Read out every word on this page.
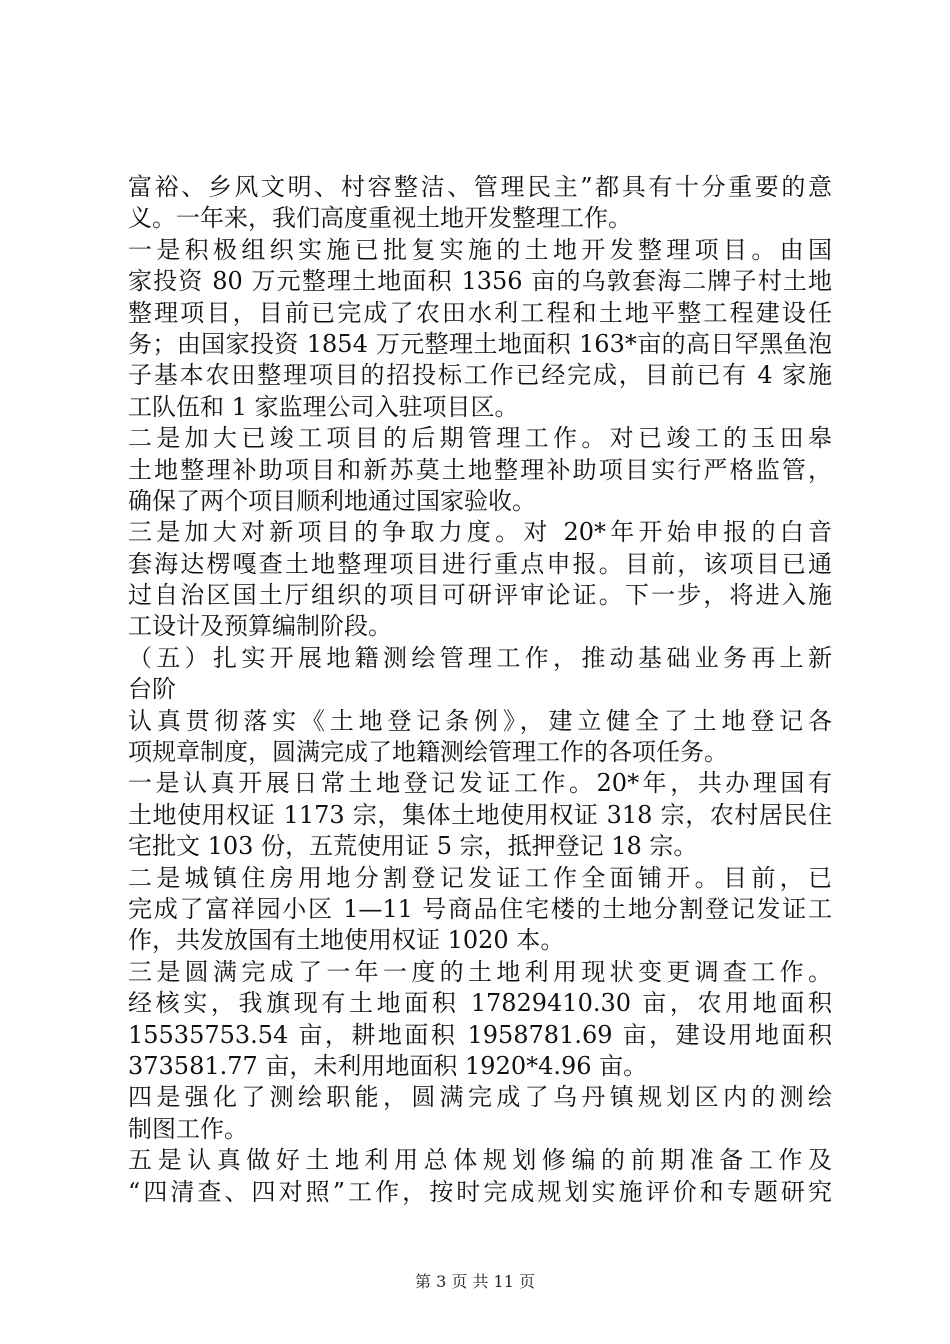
富裕、乡风文明、村容整洁、管理民主”都具有十分重要的意
义。一年来，我们高度重视土地开发整理工作。
一是积极组织实施已批复实施的土地开发整理项目。由国
家投资 80 万元整理土地面积 1356 亩的乌敦套海二牌子村土地
整理项目，目前已完成了农田水利工程和土地平整工程建设任
务；由国家投资 1854 万元整理土地面积 163*亩的高日罕黑鱼泡
子基本农田整理项目的招投标工作已经完成，目前已有 4 家施
工队伍和 1 家监理公司入驻项目区。
二是加大已竣工项目的后期管理工作。对已竣工的玉田皋
土地整理补助项目和新苏莫土地整理补助项目实行严格监管，
确保了两个项目顺利地通过国家验收。
三是加大对新项目的争取力度。对 20*年开始申报的白音
套海达楞嘎查土地整理项目进行重点申报。目前，该项目已通
过自治区国土厅组织的项目可研评审论证。下一步，将进入施
工设计及预算编制阶段。
（五）扎实开展地籍测绘管理工作，推动基础业务再上新
台阶
认真贯彻落实《土地登记条例》，建立健全了土地登记各
项规章制度，圆满完成了地籍测绘管理工作的各项任务。
一是认真开展日常土地登记发证工作。20*年，共办理国有
土地使用权证 1173 宗，集体土地使用权证 318 宗，农村居民住
宅批文 103 份，五荒使用证 5 宗，抵押登记 18 宗。
二是城镇住房用地分割登记发证工作全面铺开。目前，已
完成了富祥园小区 1—11 号商品住宅楼的土地分割登记发证工
作，共发放国有土地使用权证 1020 本。
三是圆满完成了一年一度的土地利用现状变更调查工作。
经核实，我旗现有土地面积 17829410.30 亩，农用地面积
15535753.54 亩，耕地面积 1958781.69 亩，建设用地面积
373581.77 亩，未利用地面积 1920*4.96 亩。
四是强化了测绘职能，圆满完成了乌丹镇规划区内的测绘
制图工作。
五是认真做好土地利用总体规划修编的前期准备工作及
“四清查、四对照”工作，按时完成规划实施评价和专题研究
第 3 页 共 11 页
